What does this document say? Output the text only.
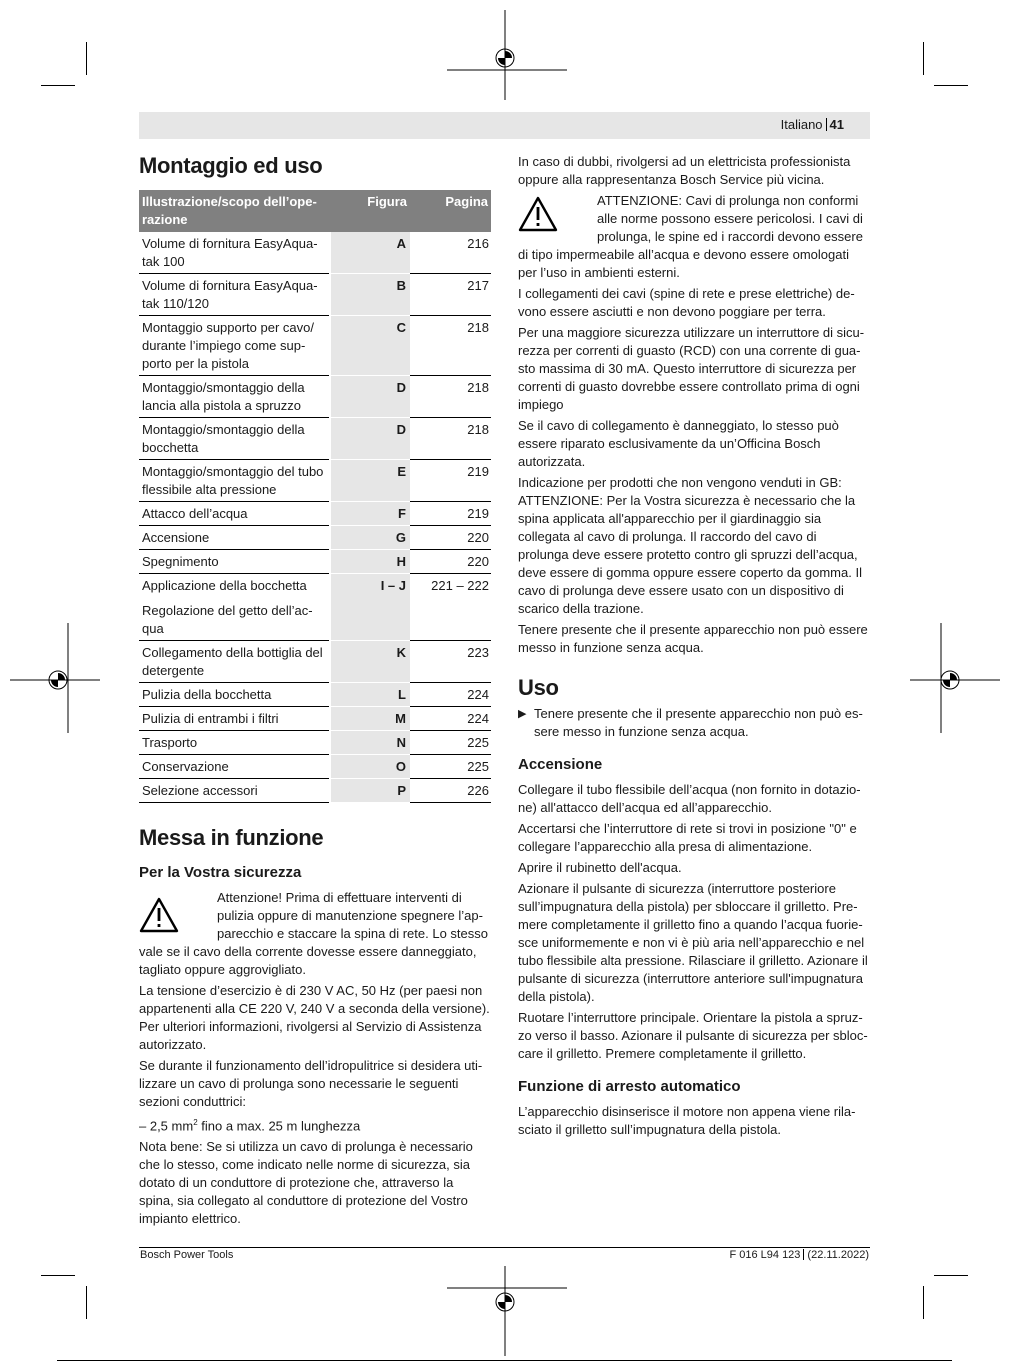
Italiano 41
Montaggio ed uso
Illustrazione/scopo dell’operazione	Figura	Pagina
Volume di fornitura EasyAquatak 100	A	216
Volume di fornitura EasyAquatak 110/120	B	217
Montaggio supporto per cavo/ durante l’impiego come supporto per la pistola	C	218
Montaggio/smontaggio della lancia alla pistola a spruzzo	D	218
Montaggio/smontaggio della bocchetta	D	218
Montaggio/smontaggio del tubo flessibile alta pressione	E	219
Attacco dell’acqua	F	219
Accensione	G	220
Spegnimento	H	220
Applicazione della bocchetta	I – J	221 – 222
Regolazione del getto dell’acqua		
Collegamento della bottiglia del detergente	K	223
Pulizia della bocchetta	L	224
Pulizia di entrambi i filtri	M	224
Trasporto	N	225
Conservazione	O	225
Selezione accessori	P	226
Messa in funzione
Per la Vostra sicurezza

Attenzione! Prima di effettuare interventi di pulizia oppure di manutenzione spegnere l’apparecchio e staccare la spina di rete. Lo stesso vale se il cavo della corrente dovesse essere danneggiato, tagliato oppure aggrovigliato.

La tensione d’esercizio è di 230 V AC, 50 Hz (per paesi non appartenenti alla CE 220 V, 240 V a seconda della versione). Per ulteriori informazioni, rivolgersi al Servizio di Assistenza autorizzato.

Se durante il funzionamento dell’idropulitrice si desidera utilizzare un cavo di prolunga sono necessarie le seguenti sezioni conduttrici:

– 2,5 $mm^2$ fino a max. 25 m lunghezza

Nota bene: Se si utilizza un cavo di prolunga è necessario che lo stesso, come indicato nelle norme di sicurezza, sia dotato di un conduttore di protezione che, attraverso la spina, sia collegato al conduttore di protezione del Vostro impianto elettrico.

In caso di dubbi, rivolgersi ad un elettricista professionista oppure alla rappresentanza Bosch Service più vicina.

ATTENZIONE: Cavi di prolunga non conformi alle norme possono essere pericolosi. I cavi di prolunga, le spine ed i raccordi devono essere di tipo impermeabile all’acqua e devono essere omologati per l’uso in ambienti esterni.

I collegamenti dei cavi (spine di rete e prese elettriche) devono essere asciutti e non devono poggiare per terra.

Per una maggiore sicurezza utilizzare un interruttore di sicurezza per correnti di guasto (RCD) con una corrente di guasto massima di 30 mA. Questo interruttore di sicurezza per correnti di guasto dovrebbe essere controllato prima di ogni impiego

Se il cavo di collegamento è danneggiato, lo stesso può essere riparato esclusivamente da un’Officina Bosch autorizzata.

Indicazione per prodotti che non vengono venduti in GB: ATTENZIONE: Per la Vostra sicurezza è necessario che la spina applicata all'apparecchio per il giardinaggio sia collegata al cavo di prolunga. Il raccordo del cavo di prolunga deve essere protetto contro gli spruzzi dell’acqua, deve essere di gomma oppure essere coperto da gomma. Il cavo di prolunga deve essere usato con un dispositivo di scarico della trazione.

Tenere presente che il presente apparecchio non può essere messo in funzione senza acqua.

Uso
▶ Tenere presente che il presente apparecchio non può essere messo in funzione senza acqua.
Accensione

Collegare il tubo flessibile dell’acqua (non fornito in dotazione) all'attacco dell’acqua ed all’apparecchio.

Accertarsi che l’interruttore di rete si trovi in posizione "0" e collegare l’apparecchio alla presa di alimentazione.

Aprire il rubinetto dell'acqua.

Azionare il pulsante di sicurezza (interruttore posteriore sull’impugnatura della pistola) per sbloccare il grilletto. Premere completamente il grilletto fino a quando l’acqua fuoriesce uniformemente e non vi è più aria nell’apparecchio e nel tubo flessibile alta pressione. Rilasciare il grilletto. Azionare il pulsante di sicurezza (interruttore anteriore sull'impugnatura della pistola).

Ruotare l’interruttore principale. Orientare la pistola a spruzzo verso il basso. Azionare il pulsante di sicurezza per sbloccare il grilletto. Premere completamente il grilletto.

Funzione di arresto automatico

L’apparecchio disinserisce il motore non appena viene rilasciato il grilletto sull’impugnatura della pistola.

Bosch Power Tools	F 016 L94 123 (22.11.2022)
